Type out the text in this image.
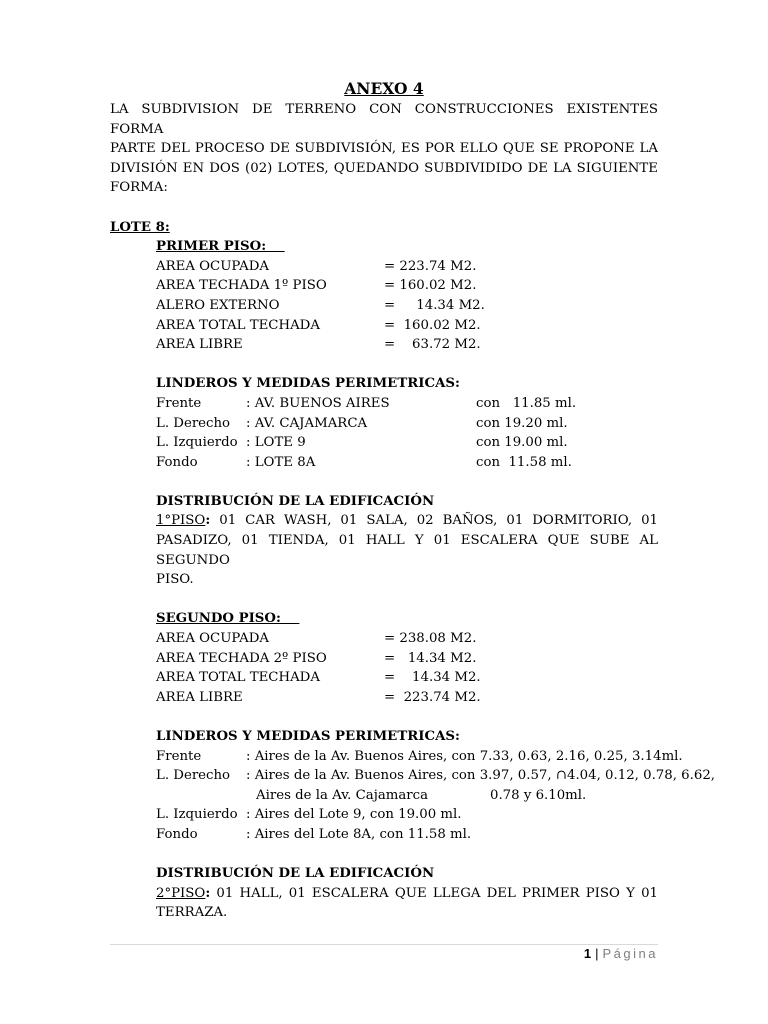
ANEXO 4
LA SUBDIVISION DE TERRENO CON CONSTRUCCIONES EXISTENTES FORMA
PARTE DEL PROCESO DE SUBDIVISIÓN, ES POR ELLO QUE SE PROPONE LA
DIVISIÓN EN DOS (02) LOTES, QUEDANDO SUBDIVIDIDO DE LA SIGUIENTE
FORMA:
LOTE 8:
PRIMER PISO:
AREA OCUPADA	= 223.74 M2.
AREA TECHADA 1º PISO	= 160.02 M2.
ALERO EXTERNO	=     14.34 M2.
AREA TOTAL TECHADA	=  160.02 M2.
AREA LIBRE	=    63.72 M2.
LINDEROS Y MEDIDAS PERIMETRICAS:
Frente	: AV. BUENOS AIRES	con   11.85 ml.
L. Derecho : AV. CAJAMARCA	con 19.20 ml.
L. Izquierdo : LOTE 9	con 19.00 ml.
Fondo	: LOTE 8A	con  11.58 ml.
DISTRIBUCIÓN DE LA EDIFICACIÓN
1°PISO: 01 CAR WASH, 01 SALA, 02 BAÑOS, 01 DORMITORIO, 01
PASADIZO, 01 TIENDA, 01 HALL Y 01 ESCALERA QUE SUBE AL SEGUNDO
PISO.
SEGUNDO PISO:
AREA OCUPADA	= 238.08 M2.
AREA TECHADA 2º PISO	=   14.34 M2.
AREA TOTAL TECHADA	=    14.34 M2.
AREA LIBRE	=  223.74 M2.
LINDEROS Y MEDIDAS PERIMETRICAS:
Frente	: Aires de la Av. Buenos Aires, con 7.33, 0.63, 2.16, 0.25, 3.14ml.
L. Derecho : Aires de la Av. Buenos Aires, con 3.97, 0.57, ∩4.04, 0.12, 0.78, 6.62,
Aires de la Av. Cajamarca	0.78 y 6.10ml.
L. Izquierdo : Aires del Lote 9, con 19.00 ml.
Fondo	: Aires del Lote 8A, con 11.58 ml.
DISTRIBUCIÓN DE LA EDIFICACIÓN
2°PISO: 01 HALL, 01 ESCALERA QUE LLEGA DEL PRIMER PISO Y 01
TERRAZA.
1 | Página
